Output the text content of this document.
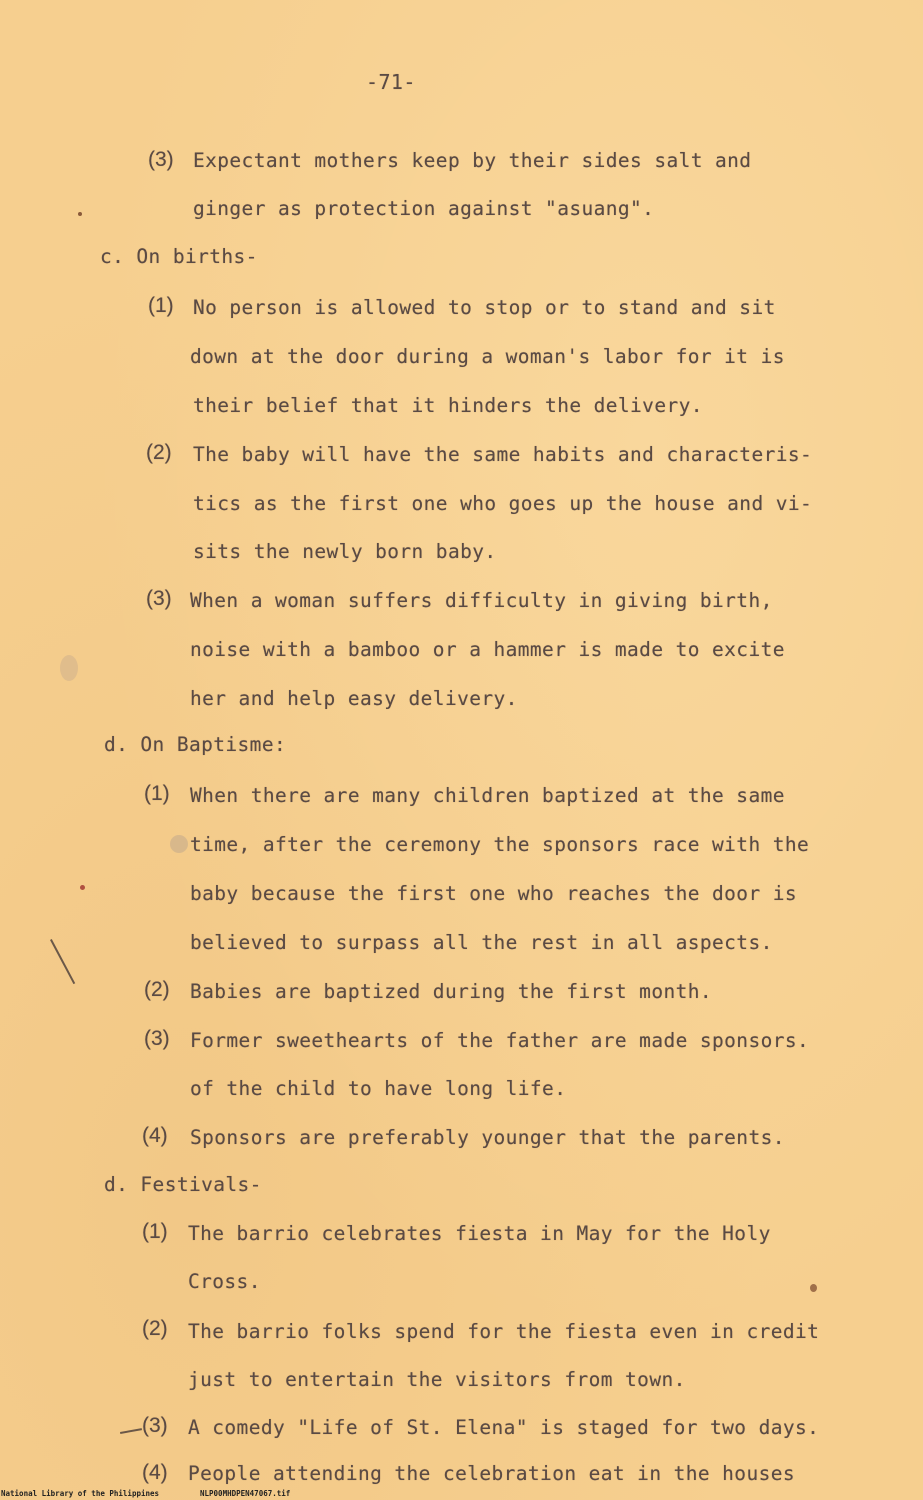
-71-
(3) Expectant mothers keep by their sides salt and
ginger as protection against "asuang".
c. On births-
(1) No person is allowed to stop or to stand and sit
down at the door during a woman's labor for it is
their belief that it hinders the delivery.
(2) The baby will have the same habits and characteris-
tics as the first one who goes up the house and vi-
sits the newly born baby.
(3) When a woman suffers difficulty in giving birth,
noise with a bamboo or a hammer is made to excite
her and help easy delivery.
d. On Baptisme:
(1) When there are many children baptized at the same
time, after the ceremony the sponsors race with the
baby because the first one who reaches the door is
believed to surpass all the rest in all aspects.
(2) Babies are baptized during the first month.
(3) Former sweethearts of the father are made sponsors.
of the child to have long life.
(4) Sponsors are preferably younger that the parents.
d. Festivals-
(1) The barrio celebrates fiesta in May for the Holy
Cross.
(2) The barrio folks spend for the fiesta even in credit
just to entertain the visitors from town.
(3) A comedy "Life of St. Elena" is staged for two days.
(4) People attending the celebration eat in the houses
National Library of the Philippines	NLP00MHDPEN47067.tif
